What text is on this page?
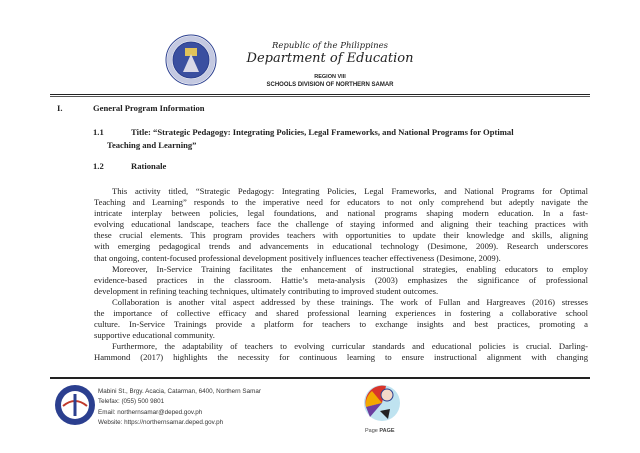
Republic of the Philippines
Department of Education
REGION VIII
SCHOOLS DIVISION OF NORTHERN SAMAR
I.	General Program Information
1.1	Title: “Strategic Pedagogy: Integrating Policies, Legal Frameworks, and National Programs for Optimal
Teaching and Learning”
1.2	Rationale
This activity titled, “Strategic Pedagogy: Integrating Policies, Legal Frameworks, and National Programs for Optimal
Teaching and Learning” responds to the imperative need for educators to not only comprehend but adeptly navigate the
intricate interplay between policies, legal foundations, and national programs shaping modern education. In a fast-
evolving educational landscape, teachers face the challenge of staying informed and aligning their teaching practices with
these crucial elements. This program provides teachers with opportunities to update their knowledge and skills, aligning
with emerging pedagogical trends and advancements in educational technology (Desimone, 2009). Research underscores
that ongoing, content-focused professional development positively influences teacher effectiveness (Desimone, 2009).
Moreover, In-Service Training facilitates the enhancement of instructional strategies, enabling educators to employ
evidence-based practices in the classroom. Hattie’s meta-analysis (2003) emphasizes the significance of professional
development in refining teaching techniques, ultimately contributing to improved student outcomes.
Collaboration is another vital aspect addressed by these trainings. The work of Fullan and Hargreaves (2016) stresses
the importance of collective efficacy and shared professional learning experiences in fostering a collaborative school
culture. In-Service Trainings provide a platform for teachers to exchange insights and best practices, promoting a
supportive educational community.
Furthermore, the adaptability of teachers to evolving curricular standards and educational policies is crucial. Darling-
Hammond (2017) highlights the necessity for continuous learning to ensure instructional alignment with changing
Mabini St., Brgy. Acacia, Catarman, 6400, Northern Samar
Telefax: (055) 500 9801
Email: northernsamar@deped.gov.ph
Website: https://northernsamar.deped.gov.ph
Page PAGE
